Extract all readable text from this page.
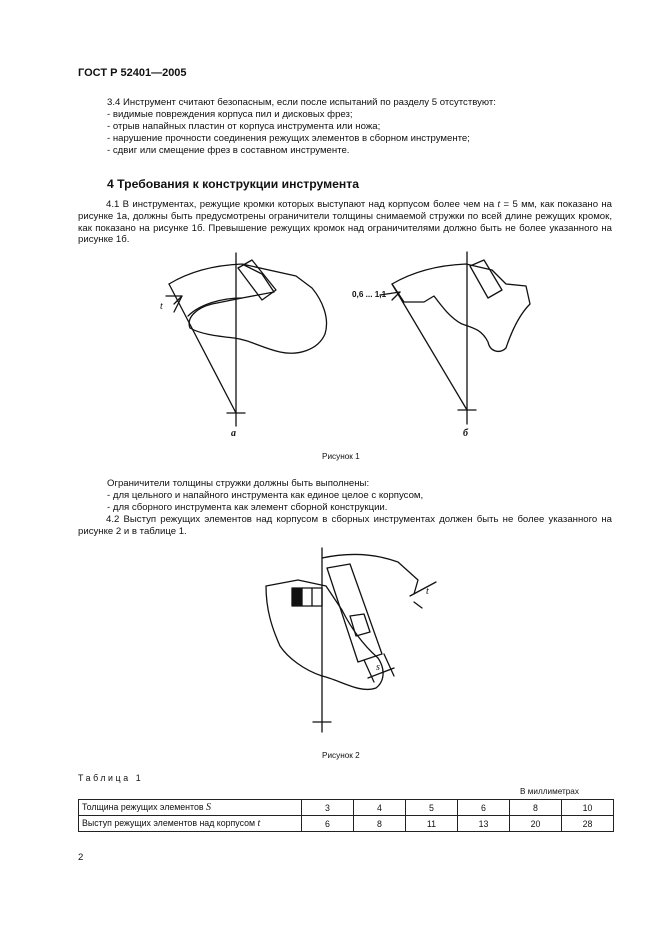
ГОСТ Р 52401—2005
3.4 Инструмент считают безопасным, если после испытаний по разделу 5 отсутствуют:
- видимые повреждения корпуса пил и дисковых фрез;
- отрыв напайных пластин от корпуса инструмента или ножа;
- нарушение прочности соединения режущих элементов в сборном инструменте;
- сдвиг или смещение фрез в составном инструменте.
4 Требования к конструкции инструмента
4.1 В инструментах, режущие кромки которых выступают над корпусом более чем на t = 5 мм, как показано на рисунке 1а, должны быть предусмотрены ограничители толщины снимаемой стружки по всей длине режущих кромок, как показано на рисунке 1б. Превышение режущих кромок над ограничителями должно быть не более указанного на рисунке 1б.
t
а	б
0,6 ... 1,1
Рисунок 1
Ограничители толщины стружки должны быть выполнены:
- для цельного и напайного инструмента как единое целое с корпусом,
- для сборного инструмента как элемент сборной конструкции.
4.2 Выступ режущих элементов над корпусом в сборных инструментах должен быть не более указанного на рисунке 2 и в таблице 1.
t
s
Рисунок 2
Таблица 1
В миллиметрах
Толщина режущих элементов S	3	4	5	6	8	10
Выступ режущих элементов над корпусом t	6	8	11	13	20	28
2
